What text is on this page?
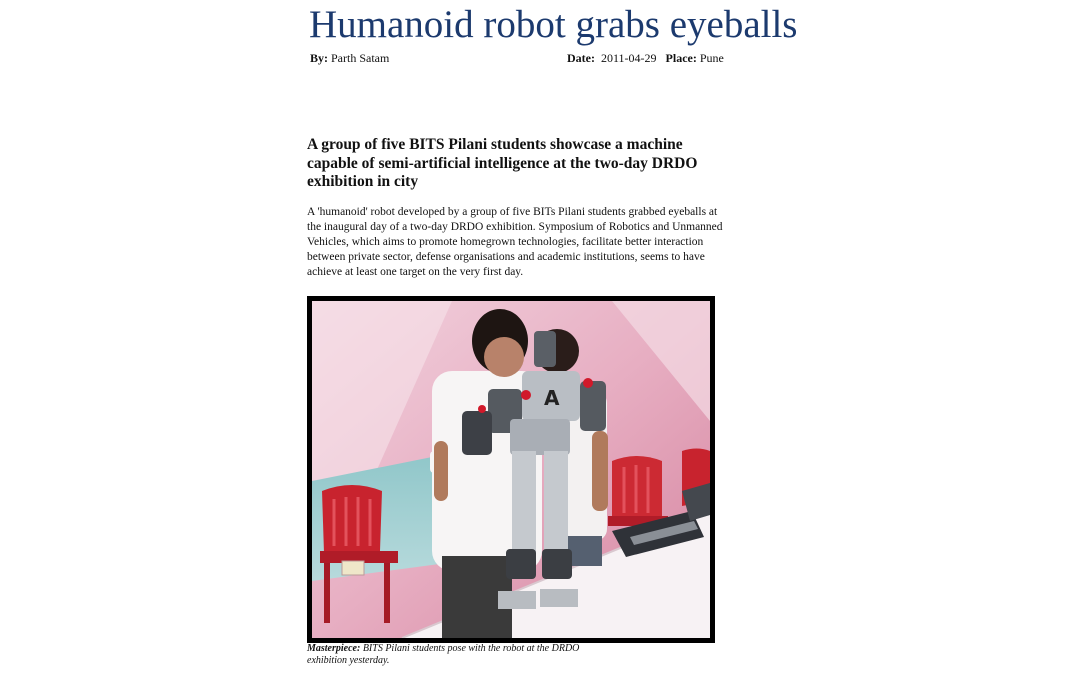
Humanoid robot grabs eyeballs
By: Parth Satam	Date: 2011-04-29 Place: Pune
A group of five BITS Pilani students showcase a machine capable of semi-artificial intelligence at the two-day DRDO exhibition in city

A 'humanoid' robot developed by a group of five BITs Pilani students grabbed eyeballs at the inaugural day of a two-day DRDO exhibition. Symposium of Robotics and Unmanned Vehicles, which aims to promote homegrown technologies, facilitate better interaction between private sector, defense organisations and academic institutions, seems to have achieve at least one target on the very first day.

A

Masterpiece: BITS Pilani students pose with the robot at the DRDO exhibition yesterday.
